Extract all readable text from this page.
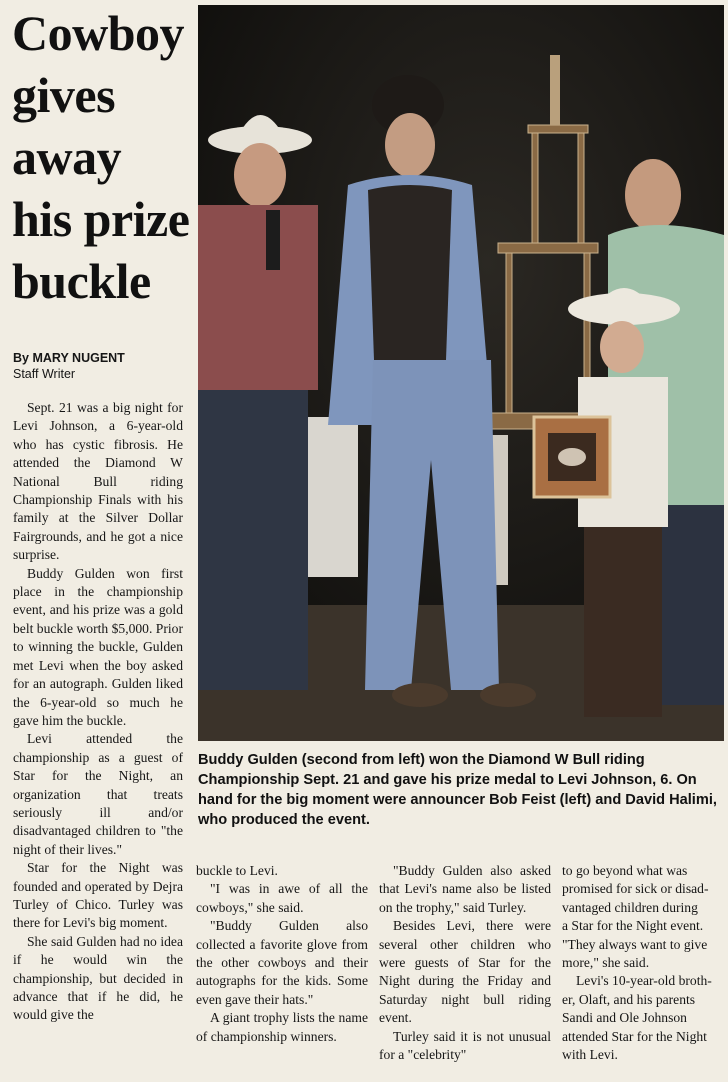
Cowboy gives away his prize buckle
By MARY NUGENT
Staff Writer

Sept. 21 was a big night for Levi Johnson, a 6-year-old who has cystic fibrosis. He attended the Diamond W National Bull riding Championship Finals with his family at the Silver Dollar Fairgrounds, and he got a nice surprise.

Buddy Gulden won first place in the championship event, and his prize was a gold belt buckle worth $5,000. Prior to winning the buckle, Gulden met Levi when the boy asked for an autograph. Gulden liked the 6-year-old so much he gave him the buckle.

Levi attended the championship as a guest of Star for the Night, an organization that treats seriously ill and/or disadvantaged children to "the night of their lives."

Star for the Night was founded and operated by Dejra Turley of Chico. Turley was there for Levi's big moment.

She said Gulden had no idea if he would win the championship, but decided in advance that if he did, he would give the

Buddy Gulden (second from left) won the Diamond W Bull riding Championship Sept. 21 and gave his prize medal to Levi Johnson, 6. On hand for the big moment were announcer Bob Feist (left) and David Halimi, who produced the event.

buckle to Levi.

"I was in awe of all the cowboys," she said.

"Buddy Gulden also collected a favorite glove from the other cowboys and their autographs for the kids. Some even gave their hats."

A giant trophy lists the name of championship winners.

"Buddy Gulden also asked that Levi's name also be listed on the trophy," said Turley.

Besides Levi, there were several other children who were guests of Star for the Night during the Friday and Saturday night bull riding event.

Turley said it is not unusual for a "celebrity"

to go beyond what was

promised for sick or disad-

vantaged children during

a Star for the Night event.

"They always want to give

more," she said.

Levi's 10-year-old broth-

er, Olaft, and his parents

Sandi and Ole Johnson

attended Star for the Night

with Levi.
